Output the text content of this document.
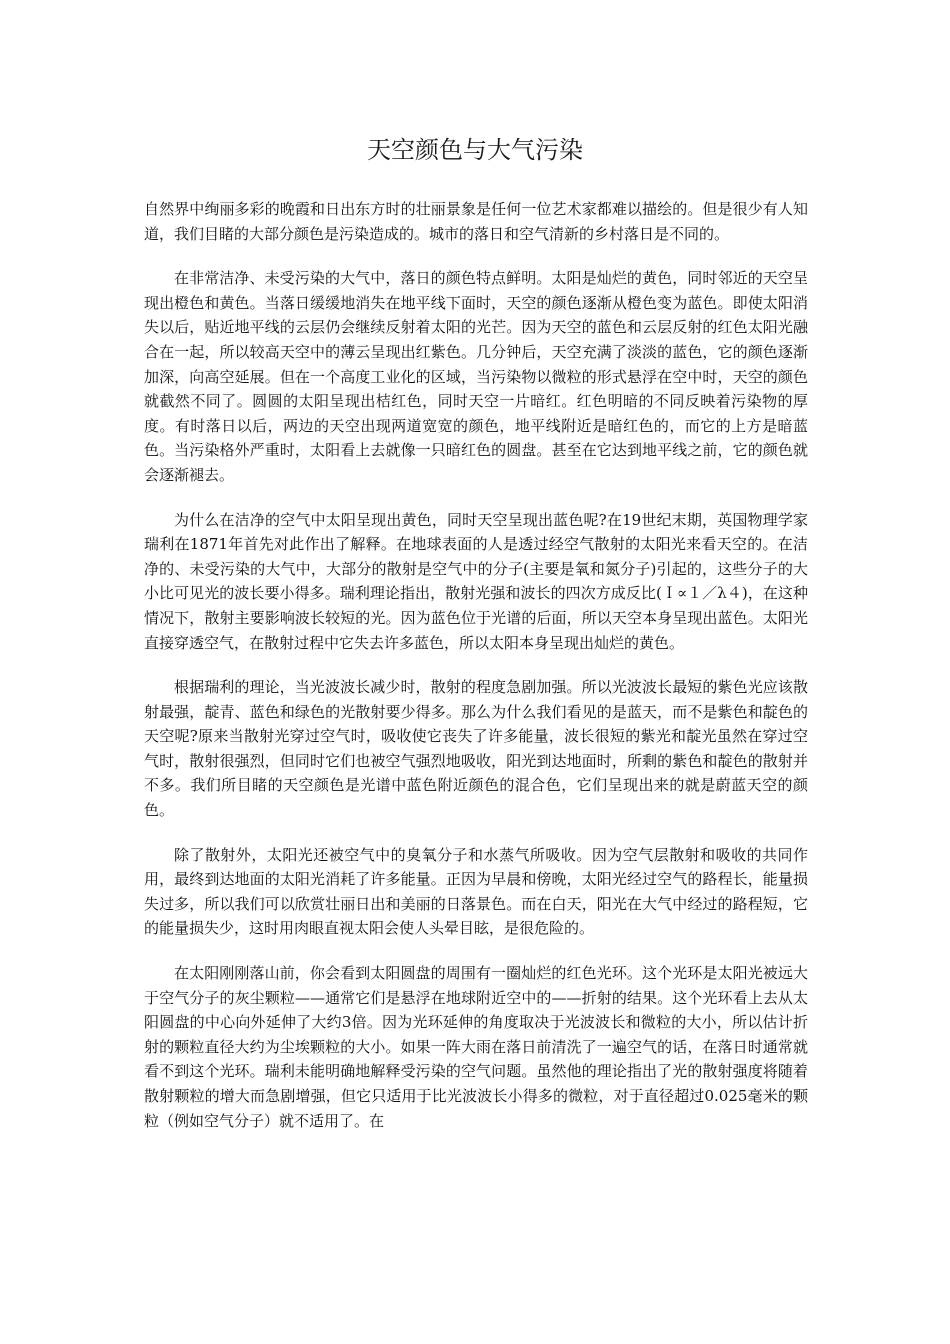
天空颜色与大气污染

自然界中绚丽多彩的晚霞和日出东方时的壮丽景象是任何一位艺术家都难以描绘的。但是很少有人知道，我们目睹的大部分颜色是污染造成的。城市的落日和空气清新的乡村落日是不同的。

在非常洁净、未受污染的大气中，落日的颜色特点鲜明。太阳是灿烂的黄色，同时邻近的天空呈现出橙色和黄色。当落日缓缓地消失在地平线下面时，天空的颜色逐渐从橙色变为蓝色。即使太阳消失以后，贴近地平线的云层仍会继续反射着太阳的光芒。因为天空的蓝色和云层反射的红色太阳光融合在一起，所以较高天空中的薄云呈现出红紫色。几分钟后，天空充满了淡淡的蓝色，它的颜色逐渐加深，向高空延展。但在一个高度工业化的区域，当污染物以微粒的形式悬浮在空中时，天空的颜色就截然不同了。圆圆的太阳呈现出桔红色，同时天空一片暗红。红色明暗的不同反映着污染物的厚度。有时落日以后，两边的天空出现两道宽宽的颜色，地平线附近是暗红色的，而它的上方是暗蓝色。当污染格外严重时，太阳看上去就像一只暗红色的圆盘。甚至在它达到地平线之前，它的颜色就会逐渐褪去。

为什么在洁净的空气中太阳呈现出黄色，同时天空呈现出蓝色呢?在19世纪末期，英国物理学家瑞利在1871年首先对此作出了解释。在地球表面的人是透过经空气散射的太阳光来看天空的。在洁净的、未受污染的大气中，大部分的散射是空气中的分子(主要是氧和氮分子)引起的，这些分子的大小比可见光的波长要小得多。瑞利理论指出，散射光强和波长的四次方成反比(Ｉ∝１／λ４)，在这种情况下，散射主要影响波长较短的光。因为蓝色位于光谱的后面，所以天空本身呈现出蓝色。太阳光直接穿透空气，在散射过程中它失去许多蓝色，所以太阳本身呈现出灿烂的黄色。

根据瑞利的理论，当光波波长减少时，散射的程度急剧加强。所以光波波长最短的紫色光应该散射最强，靛青、蓝色和绿色的光散射要少得多。那么为什么我们看见的是蓝天，而不是紫色和靛色的天空呢?原来当散射光穿过空气时，吸收使它丧失了许多能量，波长很短的紫光和靛光虽然在穿过空气时，散射很强烈，但同时它们也被空气强烈地吸收，阳光到达地面时，所剩的紫色和靛色的散射并不多。我们所目睹的天空颜色是光谱中蓝色附近颜色的混合色，它们呈现出来的就是蔚蓝天空的颜色。

除了散射外，太阳光还被空气中的臭氧分子和水蒸气所吸收。因为空气层散射和吸收的共同作用，最终到达地面的太阳光消耗了许多能量。正因为早晨和傍晚，太阳光经过空气的路程长，能量损失过多，所以我们可以欣赏壮丽日出和美丽的日落景色。而在白天，阳光在大气中经过的路程短，它的能量损失少，这时用肉眼直视太阳会使人头晕目眩，是很危险的。

在太阳刚刚落山前，你会看到太阳圆盘的周围有一圈灿烂的红色光环。这个光环是太阳光被远大于空气分子的灰尘颗粒——通常它们是悬浮在地球附近空中的——折射的结果。这个光环看上去从太阳圆盘的中心向外延伸了大约3倍。因为光环延伸的角度取决于光波波长和微粒的大小，所以估计折射的颗粒直径大约为尘埃颗粒的大小。如果一阵大雨在落日前清洗了一遍空气的话，在落日时通常就看不到这个光环。瑞利未能明确地解释受污染的空气问题。虽然他的理论指出了光的散射强度将随着散射颗粒的增大而急剧增强，但它只适用于比光波波长小得多的微粒，对于直径超过0.025毫米的颗粒（例如空气分子）就不适用了。在
